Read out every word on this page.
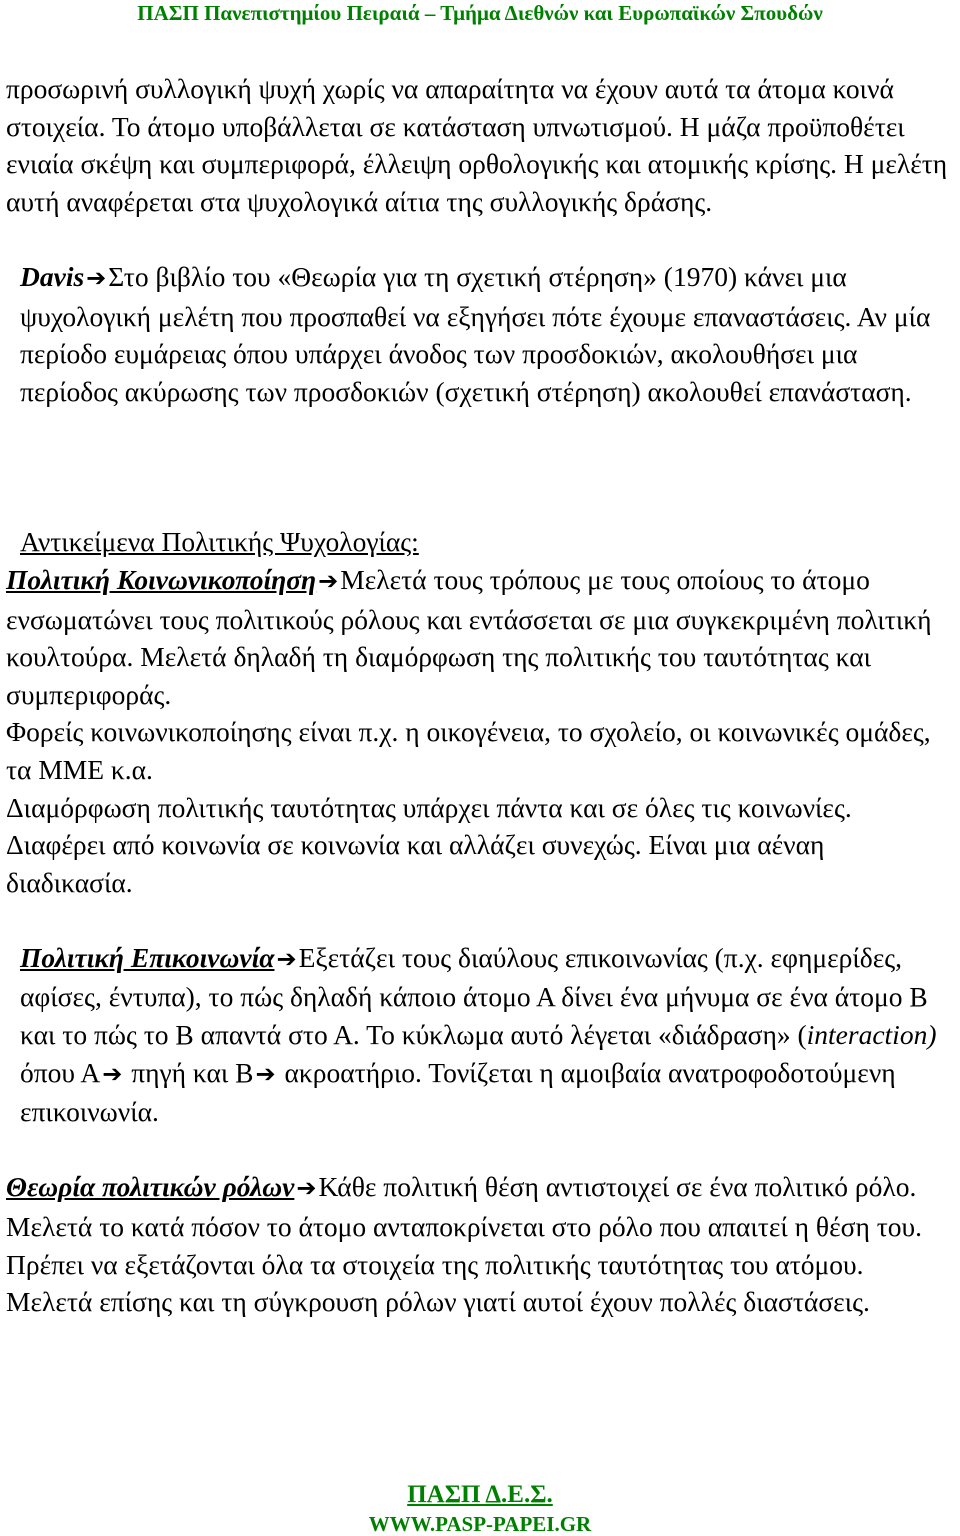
ΠΑΣΠ Πανεπιστημίου Πειραιά – Τμήμα Διεθνών και Ευρωπαϊκών Σπουδών

προσωρινή συλλογική ψυχή χωρίς να απαραίτητα να έχουν αυτά τα άτομα κοινά στοιχεία. Το άτομο υποβάλλεται σε κατάσταση υπνωτισμού. Η μάζα προϋποθέτει ενιαία σκέψη και συμπεριφορά, έλλειψη ορθολογικής και ατομικής κρίσης. Η μελέτη αυτή αναφέρεται στα ψυχολογικά αίτια της συλλογικής δράσης.

Davis➔Στο βιβλίο του «Θεωρία για τη σχετική στέρηση» (1970) κάνει μια ψυχολογική μελέτη που προσπαθεί να εξηγήσει πότε έχουμε επαναστάσεις. Αν μία περίοδο ευμάρειας όπου υπάρχει άνοδος των προσδοκιών, ακολουθήσει μια περίοδος ακύρωσης των προσδοκιών (σχετική στέρηση) ακολουθεί επανάσταση.

Αντικείμενα Πολιτικής Ψυχολογίας:

Πολιτική Κοινωνικοποίηση➔Μελετά τους τρόπους με τους οποίους το άτομο ενσωματώνει τους πολιτικούς ρόλους και εντάσσεται σε μια συγκεκριμένη πολιτική κουλτούρα. Μελετά δηλαδή τη διαμόρφωση της πολιτικής του ταυτότητας και συμπεριφοράς.

Φορείς κοινωνικοποίησης είναι π.χ. η οικογένεια, το σχολείο, οι κοινωνικές ομάδες, τα ΜΜΕ κ.α.

Διαμόρφωση πολιτικής ταυτότητας υπάρχει πάντα και σε όλες τις κοινωνίες. Διαφέρει από κοινωνία σε κοινωνία και αλλάζει συνεχώς. Είναι μια αέναη διαδικασία.

Πολιτική Επικοινωνία➔Εξετάζει τους διαύλους επικοινωνίας (π.χ. εφημερίδες, αφίσες, έντυπα), το πώς δηλαδή κάποιο άτομο Α δίνει ένα μήνυμα σε ένα άτομο Β και το πώς το Β απαντά στο Α. Το κύκλωμα αυτό λέγεται «διάδραση» (interaction) όπου Α➔ πηγή και Β➔ ακροατήριο. Τονίζεται η αμοιβαία ανατροφοδοτούμενη επικοινωνία.

Θεωρία πολιτικών ρόλων➔Κάθε πολιτική θέση αντιστοιχεί σε ένα πολιτικό ρόλο. Μελετά το κατά πόσον το άτομο ανταποκρίνεται στο ρόλο που απαιτεί η θέση του. Πρέπει να εξετάζονται όλα τα στοιχεία της πολιτικής ταυτότητας του ατόμου. Μελετά επίσης και τη σύγκρουση ρόλων γιατί αυτοί έχουν πολλές διαστάσεις.

ΠΑΣΠ Δ.Ε.Σ.
WWW.PASP-PAPEI.GR
